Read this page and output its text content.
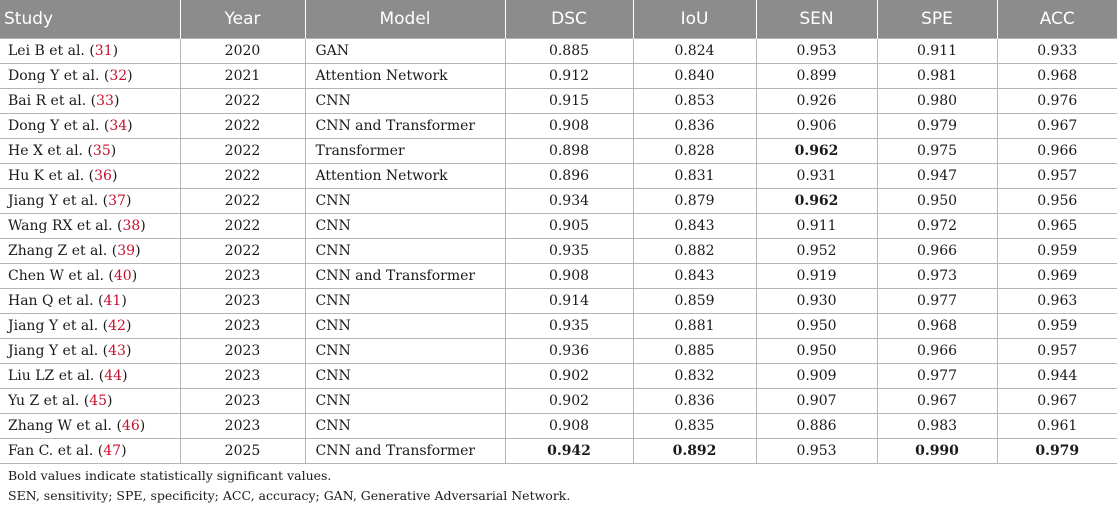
Study	Year	Model	DSC	IoU	SEN	SPE	ACC
Lei B et al. (31)	2020	GAN	0.885	0.824	0.953	0.911	0.933
Dong Y et al. (32)	2021	Attention Network	0.912	0.840	0.899	0.981	0.968
Bai R et al. (33)	2022	CNN	0.915	0.853	0.926	0.980	0.976
Dong Y et al. (34)	2022	CNN and Transformer	0.908	0.836	0.906	0.979	0.967
He X et al. (35)	2022	Transformer	0.898	0.828	0.962	0.975	0.966
Hu K et al. (36)	2022	Attention Network	0.896	0.831	0.931	0.947	0.957
Jiang Y et al. (37)	2022	CNN	0.934	0.879	0.962	0.950	0.956
Wang RX et al. (38)	2022	CNN	0.905	0.843	0.911	0.972	0.965
Zhang Z et al. (39)	2022	CNN	0.935	0.882	0.952	0.966	0.959
Chen W et al. (40)	2023	CNN and Transformer	0.908	0.843	0.919	0.973	0.969
Han Q et al. (41)	2023	CNN	0.914	0.859	0.930	0.977	0.963
Jiang Y et al. (42)	2023	CNN	0.935	0.881	0.950	0.968	0.959
Jiang Y et al. (43)	2023	CNN	0.936	0.885	0.950	0.966	0.957
Liu LZ et al. (44)	2023	CNN	0.902	0.832	0.909	0.977	0.944
Yu Z et al. (45)	2023	CNN	0.902	0.836	0.907	0.967	0.967
Zhang W et al. (46)	2023	CNN	0.908	0.835	0.886	0.983	0.961
Fan C. et al. (47)	2025	CNN and Transformer	0.942	0.892	0.953	0.990	0.979
Bold values indicate statistically significant values.
SEN, sensitivity; SPE, specificity; ACC, accuracy; GAN, Generative Adversarial Network.
